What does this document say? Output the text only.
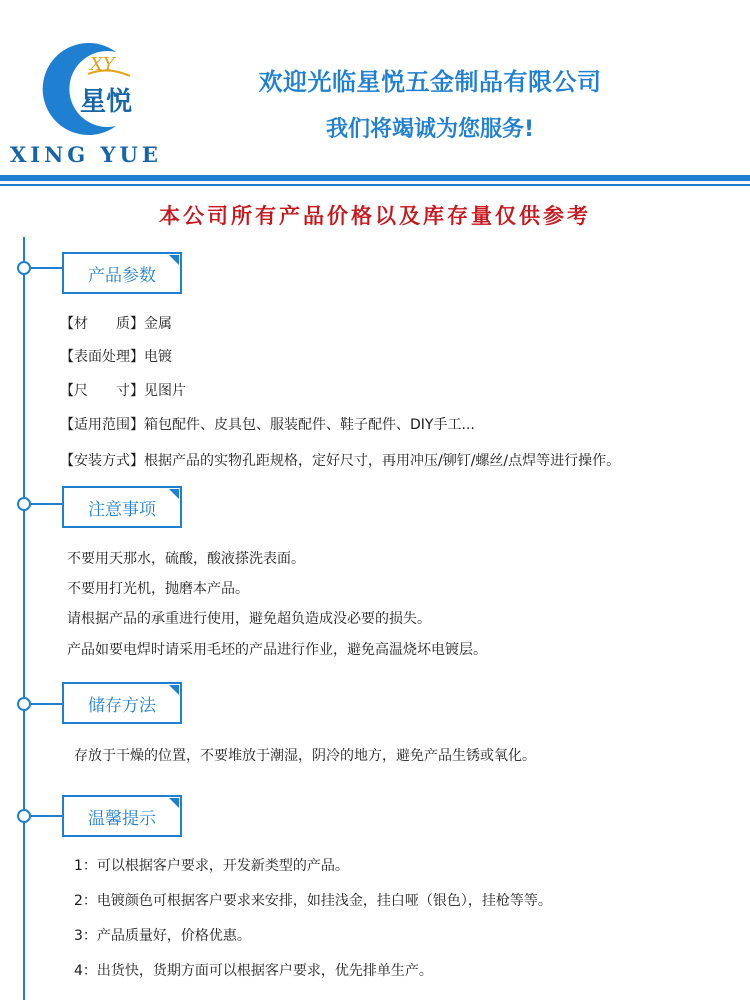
XY
星悦
XING YUE
欢迎光临星悦五金制品有限公司
我们将竭诚为您服务!
本公司所有产品价格以及库存量仅供参考
产品参数
【材　　质】金属
【表面处理】电镀
【尺　　寸】见图片
【适用范围】箱包配件、皮具包、服装配件、鞋子配件、DIY手工...
【安装方式】根据产品的实物孔距规格，定好尺寸，再用冲压/铆钉/螺丝/点焊等进行操作。
注意事项
不要用天那水，硫酸，酸液搽洗表面。
不要用打光机，抛磨本产品。
请根据产品的承重进行使用，避免超负造成没必要的损失。
产品如要电焊时请采用毛坯的产品进行作业，避免高温烧坏电镀层。
储存方法
存放于干燥的位置，不要堆放于潮湿，阴冷的地方，避免产品生锈或氧化。
温馨提示
1：可以根据客户要求，开发新类型的产品。
2：电镀颜色可根据客户要求来安排，如挂浅金，挂白哑（银色），挂枪等等。
3：产品质量好，价格优惠。
4：出货快，货期方面可以根据客户要求，优先排单生产。
